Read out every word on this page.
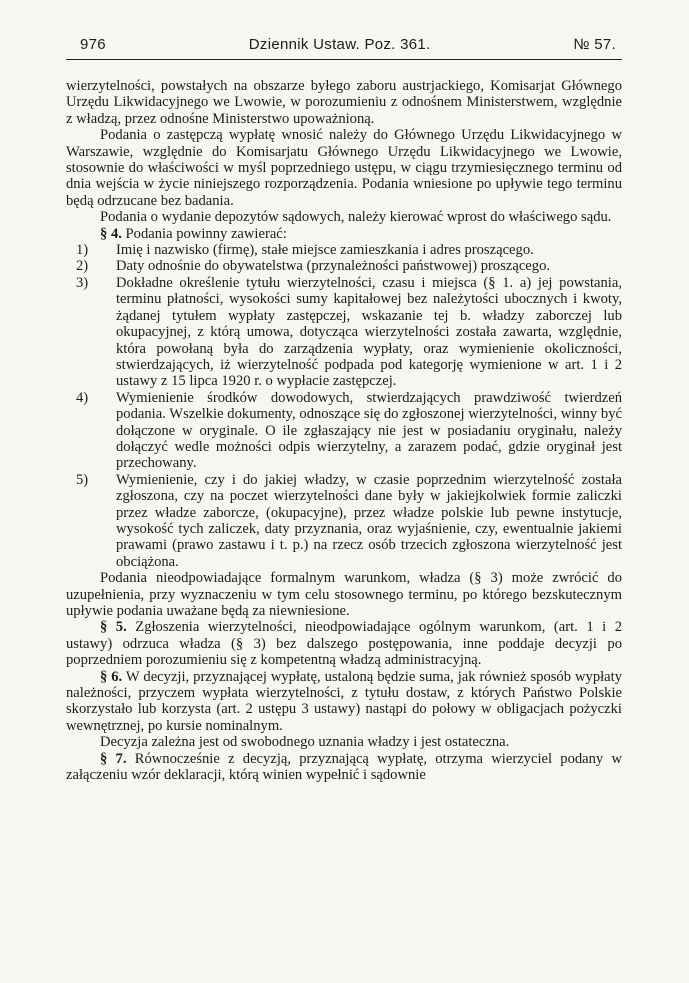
976	Dziennik Ustaw. Poz. 361.	№ 57.

wierzytelności, powstałych na obszarze byłego zaboru austrjackiego, Komisarjat Głównego Urzędu Likwidacyjnego we Lwowie, w porozumieniu z odnośnem Ministerstwem, względnie z władzą, przez odnośne Ministerstwo upoważnioną.

Podania o zastępczą wypłatę wnosić należy do Głównego Urzędu Likwidacyjnego w Warszawie, względnie do Komisarjatu Głównego Urzędu Likwidacyjnego we Lwowie, stosownie do właściwości w myśl poprzedniego ustępu, w ciągu trzymiesięcznego terminu od dnia wejścia w życie niniejszego rozporządzenia. Podania wniesione po upływie tego terminu będą odrzucane bez badania.

Podania o wydanie depozytów sądowych, należy kierować wprost do właściwego sądu.

§ 4. Podania powinny zawierać:

1) Imię i nazwisko (firmę), stałe miejsce zamieszkania i adres proszącego.
2) Daty odnośnie do obywatelstwa (przynależności państwowej) proszącego.
3) Dokładne określenie tytułu wierzytelności, czasu i miejsca (§ 1. a) jej powstania, terminu płatności, wysokości sumy kapitałowej bez należytości ubocznych i kwoty, żądanej tytułem wypłaty zastępczej, wskazanie tej b. władzy zaborczej lub okupacyjnej, z którą umowa, dotycząca wierzytelności została zawarta, względnie, która powołaną była do zarządzenia wypłaty, oraz wymienienie okoliczności, stwierdzających, iż wierzytelność podpada pod kategorję wymienione w art. 1 i 2 ustawy z 15 lipca 1920 r. o wypłacie zastępczej.
4) Wymienienie środków dowodowych, stwierdzających prawdziwość twierdzeń podania. Wszelkie dokumenty, odnoszące się do zgłoszonej wierzytelności, winny być dołączone w oryginale. O ile zgłaszający nie jest w posiadaniu oryginału, należy dołączyć wedle możności odpis wierzytelny, a zarazem podać, gdzie oryginał jest przechowany.
5) Wymienienie, czy i do jakiej władzy, w czasie poprzednim wierzytelność została zgłoszona, czy na poczet wierzytelności dane były w jakiejkolwiek formie zaliczki przez władze zaborcze, (okupacyjne), przez władze polskie lub pewne instytucje, wysokość tych zaliczek, daty przyznania, oraz wyjaśnienie, czy, ewentualnie jakiemi prawami (prawo zastawu i t. p.) na rzecz osób trzecich zgłoszona wierzytelność jest obciążona.

Podania nieodpowiadające formalnym warunkom, władza (§ 3) może zwrócić do uzupełnienia, przy wyznaczeniu w tym celu stosownego terminu, po którego bezskutecznym upływie podania uważane będą za niewniesione.

§ 5. Zgłoszenia wierzytelności, nieodpowiadające ogólnym warunkom, (art. 1 i 2 ustawy) odrzuca władza (§ 3) bez dalszego postępowania, inne poddaje decyzji po poprzedniem porozumieniu się z kompetentną władzą administracyjną.

§ 6. W decyzji, przyznającej wypłatę, ustaloną będzie suma, jak również sposób wypłaty należności, przyczem wypłata wierzytelności, z tytułu dostaw, z których Państwo Polskie skorzystało lub korzysta (art. 2 ustępu 3 ustawy) nastąpi do połowy w obligacjach pożyczki wewnętrznej, po kursie nominalnym.

Decyzja zależna jest od swobodnego uznania władzy i jest ostateczna.

§ 7. Równocześnie z decyzją, przyznającą wypłatę, otrzyma wierzyciel podany w załączeniu wzór deklaracji, którą winien wypełnić i sądownie
